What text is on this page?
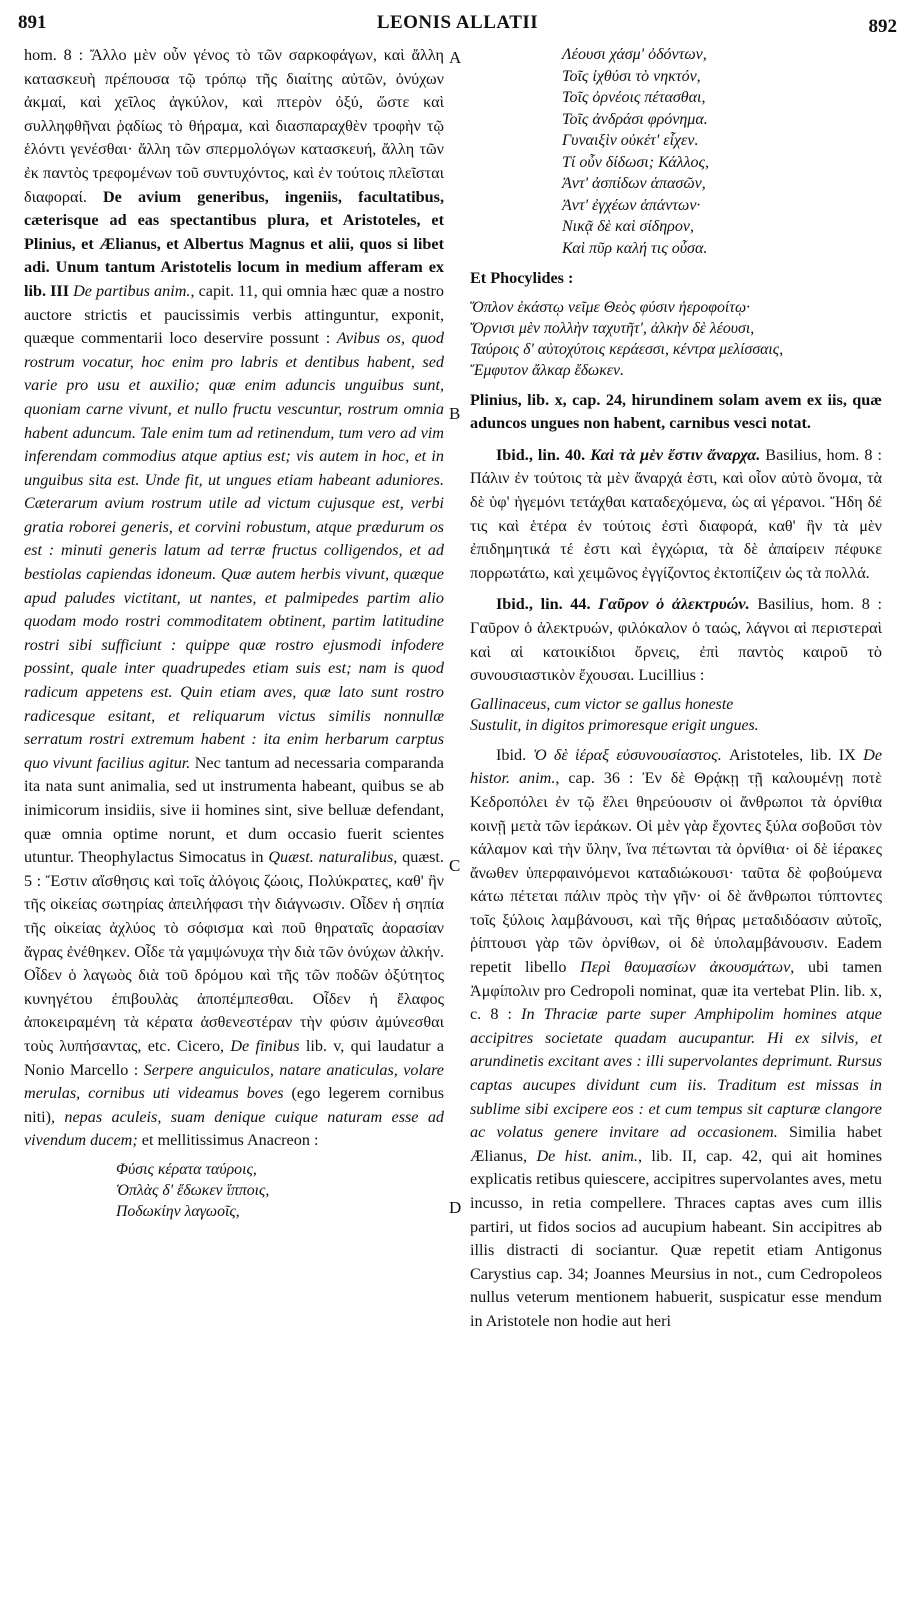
891	LEONIS ALLATII	892
A
B
C
D

hom. 8 : Ἄλλο μὲν οὖν γένος τὸ τῶν σαρκοφάγων, καὶ ἄλλη κατασκευὴ πρέπουσα τῷ τρόπῳ τῆς διαίτης αὐτῶν, ὀνύχων ἀκμαί, καὶ χεῖλος ἀγκύλον, καὶ πτερὸν ὀξύ, ὥστε καὶ συλληφθῆναι ῥᾳδίως τὸ θήραμα, καὶ διασπαραχθὲν τροφὴν τῷ ἑλόντι γενέσθαι· ἄλλη τῶν σπερμολόγων κατασκευή, ἄλλη τῶν ἐκ παντὸς τρεφομένων τοῦ συντυχόντος, καὶ ἐν τούτοις πλεῖσται διαφοραί. De avium generibus, ingeniis, facultatibus, cæterisque ad eas spectantibus plura, et Aristoteles, et Plinius, et Ælianus, et Albertus Magnus et alii, quos si libet adi. Unum tantum Aristotelis locum in medium afferam ex lib. III De partibus anim., capit. 11, qui omnia hæc quæ a nostro auctore strictis et paucissimis verbis attinguntur, exponit, quæque commentarii loco deservire possunt : Avibus os, quod rostrum vocatur, hoc enim pro labris et dentibus habent, sed varie pro usu et auxilio; quæ enim aduncis unguibus sunt, quoniam carne vivunt, et nullo fructu vescuntur, rostrum omnia habent aduncum. Tale enim tum ad retinendum, tum vero ad vim inferendam commodius atque aptius est; vis autem in hoc, et in unguibus sita est. Unde fit, ut ungues etiam habeant aduniores. Cæterarum avium rostrum utile ad victum cujusque est, verbi gratia roborei generis, et corvini robustum, atque prædurum os est : minuti generis latum ad terræ fructus colligendos, et ad bestiolas capiendas idoneum. Quæ autem herbis vivunt, quæque apud paludes victitant, ut nantes, et palmipedes partim alio quodam modo rostri commoditatem obtinent, partim latitudine rostri sibi sufficiunt : quippe quæ rostro ejusmodi infodere possint, quale inter quadrupedes etiam suis est; nam is quod radicum appetens est. Quin etiam aves, quæ lato sunt rostro radicesque esitant, et reliquarum victus similis nonnullæ serratum rostri extremum habent : ita enim herbarum carptus quo vivunt facilius agitur. Nec tantum ad necessaria comparanda ita nata sunt animalia, sed ut instrumenta habeant, quibus se ab inimicorum insidiis, sive ii homines sint, sive belluæ defendant, quæ omnia optime norunt, et dum occasio fuerit scientes utuntur. Theophylactus Simocatus in Quæst. naturalibus, quæst. 5 : Ἔστιν αἴσθησις καὶ τοῖς ἀλόγοις ζώοις, Πολύκρατες, καθ' ἣν τῆς οἰκείας σωτηρίας ἀπειλήφασι τὴν διάγνωσιν. Οἶδεν ἡ σηπία τῆς οἰκείας ἀχλύος τὸ σόφισμα καὶ ποῦ θηραταῖς ἀορασίαν ἄγρας ἐνέθηκεν. Οἶδε τὰ γαμψώνυχα τὴν διὰ τῶν ὀνύχων ἀλκήν. Οἶδεν ὁ λαγωὸς διὰ τοῦ δρόμου καὶ τῆς τῶν ποδῶν ὀξύτητος κυνηγέτου ἐπιβουλὰς ἀποπέμπεσθαι. Οἶδεν ἡ ἔλαφος ἀποκειραμένη τὰ κέρατα ἀσθενεστέραν τὴν φύσιν ἀμύνεσθαι τοὺς λυπήσαντας, etc. Cicero, De finibus lib. v, qui laudatur a Nonio Marcello : Serpere anguiculos, natare anaticulas, volare merulas, cornibus uti videamus boves (ego legerem cornibus niti), nepas aculeis, suam denique cuique naturam esse ad vivendum ducem; et mellitissimus Anacreon :

Φύσις κέρατα ταύροις,
Ὁπλὰς δ' ἔδωκεν ἵπποις,
Ποδωκίην λαγωοῖς,
Λέουσι χάσμ' ὀδόντων,
Τοῖς ἰχθύσι τὸ νηκτόν,
Τοῖς ὀρνέοις πέτασθαι,
Τοῖς ἀνδράσι φρόνημα.
Γυναιξὶν οὐκέτ' εἶχεν.
Τί οὖν δίδωσι; Κάλλος,
Ἀντ' ἀσπίδων ἁπασῶν,
Ἀντ' ἐγχέων ἁπάντων·
Νικᾷ δὲ καὶ σίδηρον,
Καὶ πῦρ καλή τις οὖσα.

Et Phocylides :

Ὅπλον ἑκάστῳ νεῖμε Θεὸς φύσιν ἠεροφοίτῳ·
Ὄρνισι μὲν πολλὴν ταχυτῆτ', ἀλκὴν δὲ λέουσι,
Ταύροις δ' αὐτοχύτοις κεράεσσι, κέντρα μελίσσαις,
Ἔμφυτον ἄλκαρ ἔδωκεν.

Plinius, lib. x, cap. 24, hirundinem solam avem ex iis, quæ aduncos ungues non habent, carnibus vesci notat.

Ibid., lin. 40. Καὶ τὰ μὲν ἔστιν ἄναρχα. Basilius, hom. 8 : Πάλιν ἐν τούτοις τὰ μὲν ἄναρχά ἐστι, καὶ οἷον αὐτὸ ὄνομα, τὰ δὲ ὑφ' ἡγεμόνι τετάχθαι καταδεχόμενα, ὡς αἱ γέρανοι. Ἤδη δέ τις καὶ ἑτέρα ἐν τούτοις ἐστὶ διαφορά, καθ' ἣν τὰ μὲν ἐπιδημητικά τέ ἐστι καὶ ἐγχώρια, τὰ δὲ ἀπαίρειν πέφυκε πορρωτάτω, καὶ χειμῶνος ἐγγίζοντος ἐκτοπίζειν ὡς τὰ πολλά.

Ibid., lin. 44. Γαῦρον ὁ ἀλεκτρυών. Basilius, hom. 8 : Γαῦρον ὁ ἀλεκτρυών, φιλόκαλον ὁ ταώς, λάγνοι αἱ περιστεραὶ καὶ αἱ κατοικίδιοι ὄρνεις, ἐπὶ παντὸς καιροῦ τὸ συνουσιαστικὸν ἔχουσαι. Lucillius :

Gallinaceus, cum victor se gallus honeste
Sustulit, in digitos primoresque erigit ungues.

Ibid. Ὁ δὲ ἱέραξ εὐσυνουσίαστος. Aristoteles, lib. IX De histor. anim., cap. 36 : Ἐν δὲ Θρᾴκῃ τῇ καλουμένῃ ποτὲ Κεδροπόλει ἐν τῷ ἕλει θηρεύουσιν οἱ ἄνθρωποι τὰ ὀρνίθια κοινῇ μετὰ τῶν ἱεράκων. Οἱ μὲν γὰρ ἔχοντες ξύλα σοβοῦσι τὸν κάλαμον καὶ τὴν ὕλην, ἵνα πέτωνται τὰ ὀρνίθια· οἱ δὲ ἱέρακες ἄνωθεν ὑπερφαινόμενοι καταδιώκουσι· ταῦτα δὲ φοβούμενα κάτω πέτεται πάλιν πρὸς τὴν γῆν· οἱ δὲ ἄνθρωποι τύπτοντες τοῖς ξύλοις λαμβάνουσι, καὶ τῆς θήρας μεταδιδόασιν αὐτοῖς, ῥίπτουσι γὰρ τῶν ὀρνίθων, οἱ δὲ ὑπολαμβάνουσιν. Eadem repetit libello Περὶ θαυμασίων ἀκουσμάτων, ubi tamen Ἀμφίπολιν pro Cedropoli nominat, quæ ita vertebat Plin. lib. x, c. 8 : In Thraciæ parte super Amphipolim homines atque accipitres societate quadam aucupantur. Hi ex silvis, et arundinetis excitant aves : illi supervolantes deprimunt. Rursus captas aucupes dividunt cum iis. Traditum est missas in sublime sibi excipere eos : et cum tempus sit capturæ clangore ac volatus genere invitare ad occasionem. Similia habet Ælianus, De hist. anim., lib. II, cap. 42, qui ait homines explicatis retibus quiescere, accipitres supervolantes aves, metu incusso, in retia compellere. Thraces captas aves cum illis partiri, ut fidos socios ad aucupium habeant. Sin accipitres ab illis distracti di sociantur. Quæ repetit etiam Antigonus Carystius cap. 34; Joannes Meursius in not., cum Cedropoleos nullus veterum mentionem habuerit, suspicatur esse mendum in Aristotele non hodie aut heri
